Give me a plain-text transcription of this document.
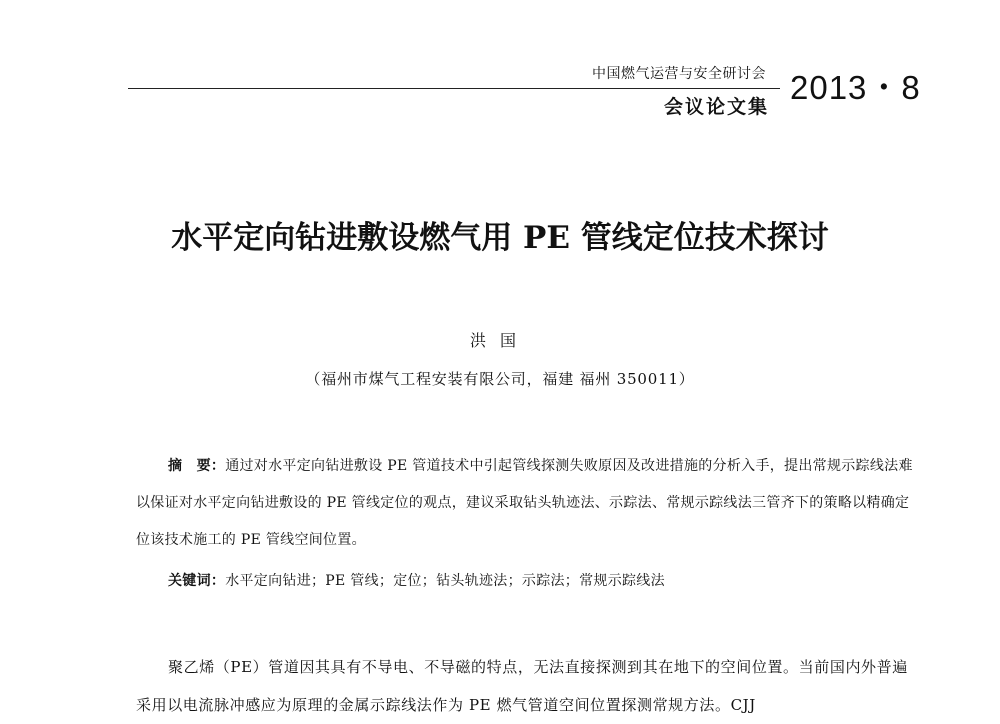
中国燃气运营与安全研讨会 2013・8
会议论文集
水平定向钻进敷设燃气用 PE 管线定位技术探讨
洪国
（福州市煤气工程安装有限公司，福建 福州 350011）
摘　要：通过对水平定向钻进敷设 PE 管道技术中引起管线探测失败原因及改进措施的分析入手，提出常规示踪线法难以保证对水平定向钻进敷设的 PE 管线定位的观点，建议采取钻头轨迹法、示踪法、常规示踪线法三管齐下的策略以精确定位该技术施工的 PE 管线空间位置。
关键词：水平定向钻进；PE 管线；定位；钻头轨迹法；示踪法；常规示踪线法
聚乙烯（PE）管道因其具有不导电、不导磁的特点，无法直接探测到其在地下的空间位置。当前国内外普遍采用以电流脉冲感应为原理的金属示踪线法作为 PE 燃气管道空间位置探测常规方法。CJJ
